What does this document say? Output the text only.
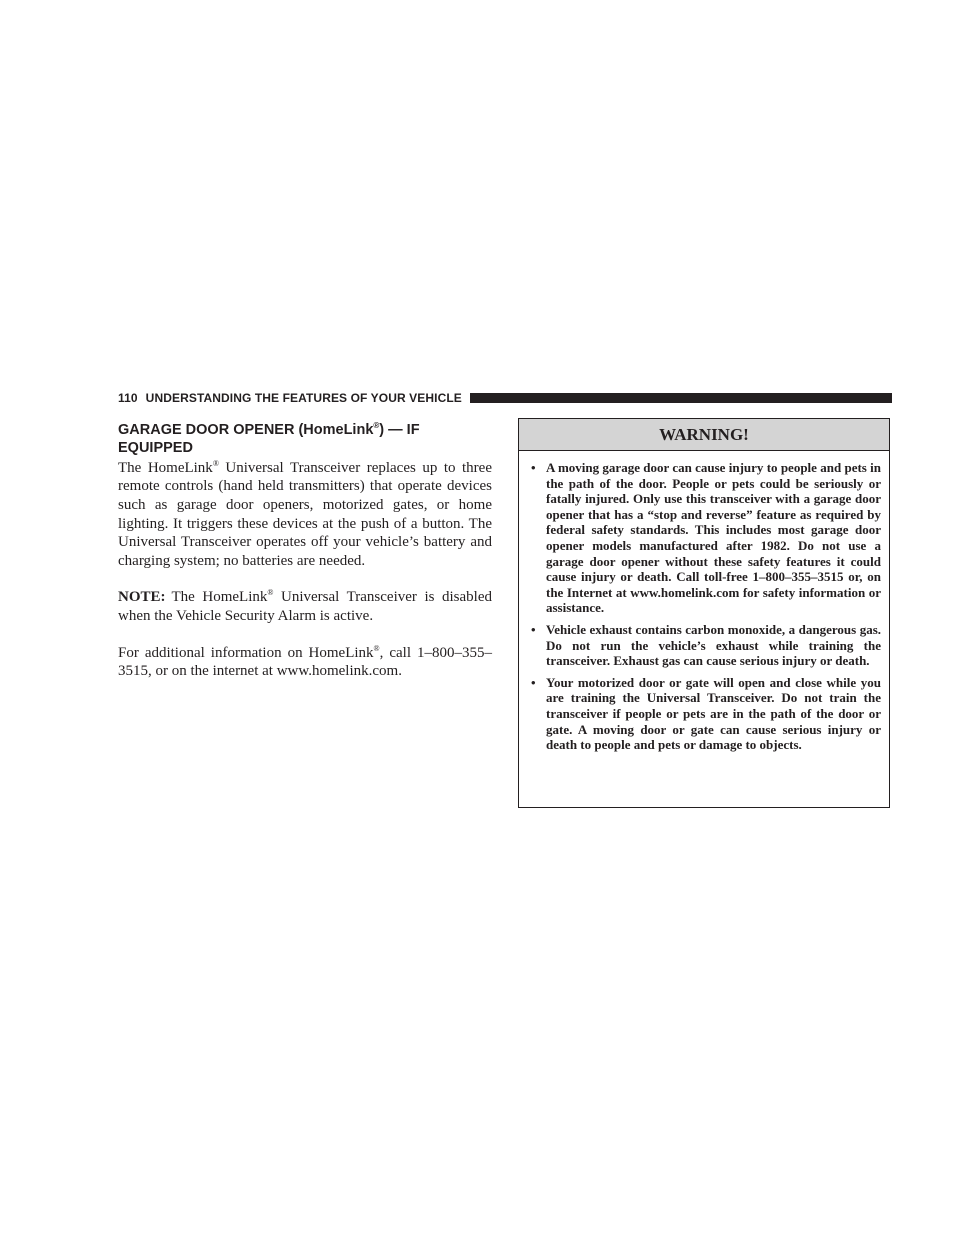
110 UNDERSTANDING THE FEATURES OF YOUR VEHICLE
GARAGE DOOR OPENER (HomeLink®) — IF EQUIPPED

The HomeLink® Universal Transceiver replaces up to three remote controls (hand held transmitters) that operate devices such as garage door openers, motorized gates, or home lighting. It triggers these devices at the push of a button. The Universal Transceiver operates off your vehicle’s battery and charging system; no batteries are needed.

NOTE: The HomeLink® Universal Transceiver is disabled when the Vehicle Security Alarm is active.

For additional information on HomeLink®, call 1–800–355–3515, or on the internet at www.homelink.com.

WARNING!
• A moving garage door can cause injury to people and pets in the path of the door. People or pets could be seriously or fatally injured. Only use this transceiver with a garage door opener that has a “stop and reverse” feature as required by federal safety standards. This includes most garage door opener models manufactured after 1982. Do not use a garage door opener without these safety features it could cause injury or death. Call toll-free 1–800–355–3515 or, on the Internet at www.homelink.com for safety information or assistance.
• Vehicle exhaust contains carbon monoxide, a dangerous gas. Do not run the vehicle’s exhaust while training the transceiver. Exhaust gas can cause serious injury or death.
• Your motorized door or gate will open and close while you are training the Universal Transceiver. Do not train the transceiver if people or pets are in the path of the door or gate. A moving door or gate can cause serious injury or death to people and pets or damage to objects.
